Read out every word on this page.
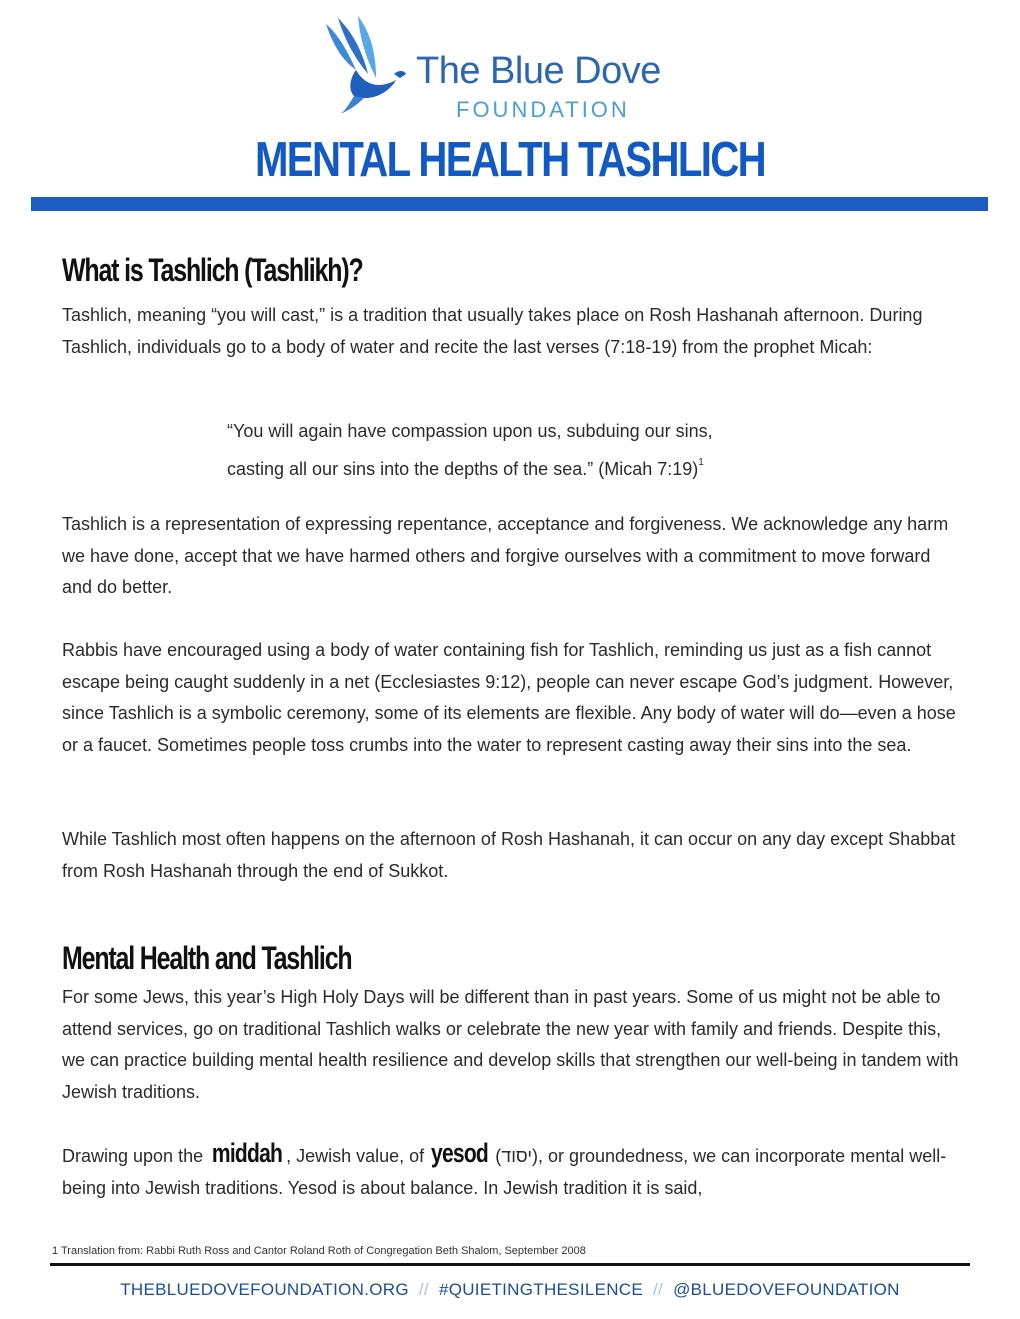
The Blue Dove
FOUNDATION
MENTAL HEALTH TASHLICH
What is Tashlich (Tashlikh)?

Tashlich, meaning “you will cast,” is a tradition that usually takes place on Rosh Hashanah afternoon. During Tashlich, individuals go to a body of water and recite the last verses (7:18-19) from the prophet Micah:

“You will again have compassion upon us, subduing our sins,
casting all our sins into the depths of the sea.” (Micah 7:19)$^1$

Tashlich is a representation of expressing repentance, acceptance and forgiveness. We acknowledge any harm we have done, accept that we have harmed others and forgive ourselves with a commitment to move forward and do better.

Rabbis have encouraged using a body of water containing fish for Tashlich, reminding us just as a fish cannot escape being caught suddenly in a net (Ecclesiastes 9:12), people can never escape God’s judgment. However, since Tashlich is a symbolic ceremony, some of its elements are flexible. Any body of water will do—even a hose or a faucet. Sometimes people toss crumbs into the water to represent casting away their sins into the sea.

While Tashlich most often happens on the afternoon of Rosh Hashanah, it can occur on any day except Shabbat from Rosh Hashanah through the end of Sukkot.

Mental Health and Tashlich

For some Jews, this year’s High Holy Days will be different than in past years. Some of us might not be able to attend services, go on traditional Tashlich walks or celebrate the new year with family and friends. Despite this, we can practice building mental health resilience and develop skills that strengthen our well-being in tandem with Jewish traditions.

Drawing upon the middah , Jewish value, of yesod (יסוד), or groundedness, we can incorporate mental well-being into Jewish traditions. Yesod is about balance. In Jewish tradition it is said,

1 Translation from: Rabbi Ruth Ross and Cantor Roland Roth of Congregation Beth Shalom, September 2008
THEBLUEDOVEFOUNDATION.ORG // #QUIETINGTHESILENCE // @BLUEDOVEFOUNDATION
